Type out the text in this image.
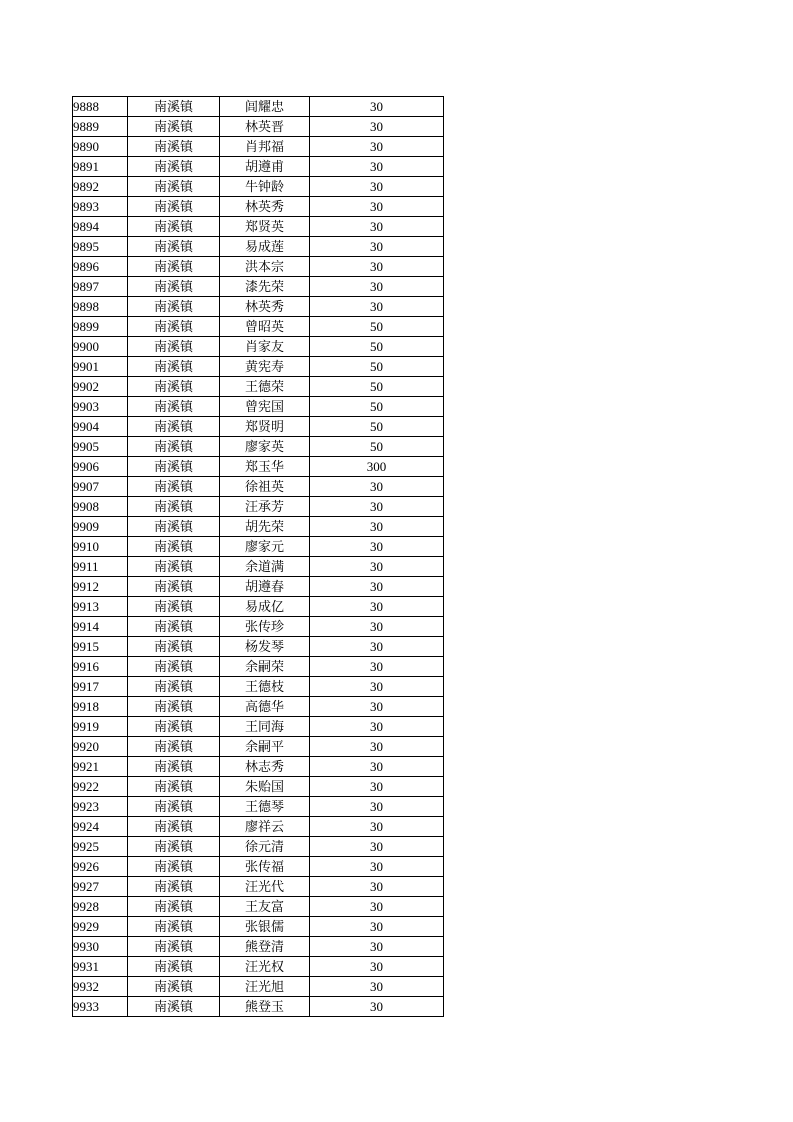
9888	南溪镇	闾耀忠	30
9889	南溪镇	林英晋	30
9890	南溪镇	肖邦福	30
9891	南溪镇	胡遵甫	30
9892	南溪镇	牛钟龄	30
9893	南溪镇	林英秀	30
9894	南溪镇	郑贤英	30
9895	南溪镇	易成莲	30
9896	南溪镇	洪本宗	30
9897	南溪镇	漆先荣	30
9898	南溪镇	林英秀	30
9899	南溪镇	曾昭英	50
9900	南溪镇	肖家友	50
9901	南溪镇	黄宪寿	50
9902	南溪镇	王德荣	50
9903	南溪镇	曾宪国	50
9904	南溪镇	郑贤明	50
9905	南溪镇	廖家英	50
9906	南溪镇	郑玉华	300
9907	南溪镇	徐祖英	30
9908	南溪镇	汪承芳	30
9909	南溪镇	胡先荣	30
9910	南溪镇	廖家元	30
9911	南溪镇	余道满	30
9912	南溪镇	胡遵春	30
9913	南溪镇	易成亿	30
9914	南溪镇	张传珍	30
9915	南溪镇	杨发琴	30
9916	南溪镇	余嗣荣	30
9917	南溪镇	王德枝	30
9918	南溪镇	高德华	30
9919	南溪镇	王同海	30
9920	南溪镇	余嗣平	30
9921	南溪镇	林志秀	30
9922	南溪镇	朱贻国	30
9923	南溪镇	王德琴	30
9924	南溪镇	廖祥云	30
9925	南溪镇	徐元清	30
9926	南溪镇	张传福	30
9927	南溪镇	汪光代	30
9928	南溪镇	王友富	30
9929	南溪镇	张银儒	30
9930	南溪镇	熊登清	30
9931	南溪镇	汪光权	30
9932	南溪镇	汪光旭	30
9933	南溪镇	熊登玉	30
